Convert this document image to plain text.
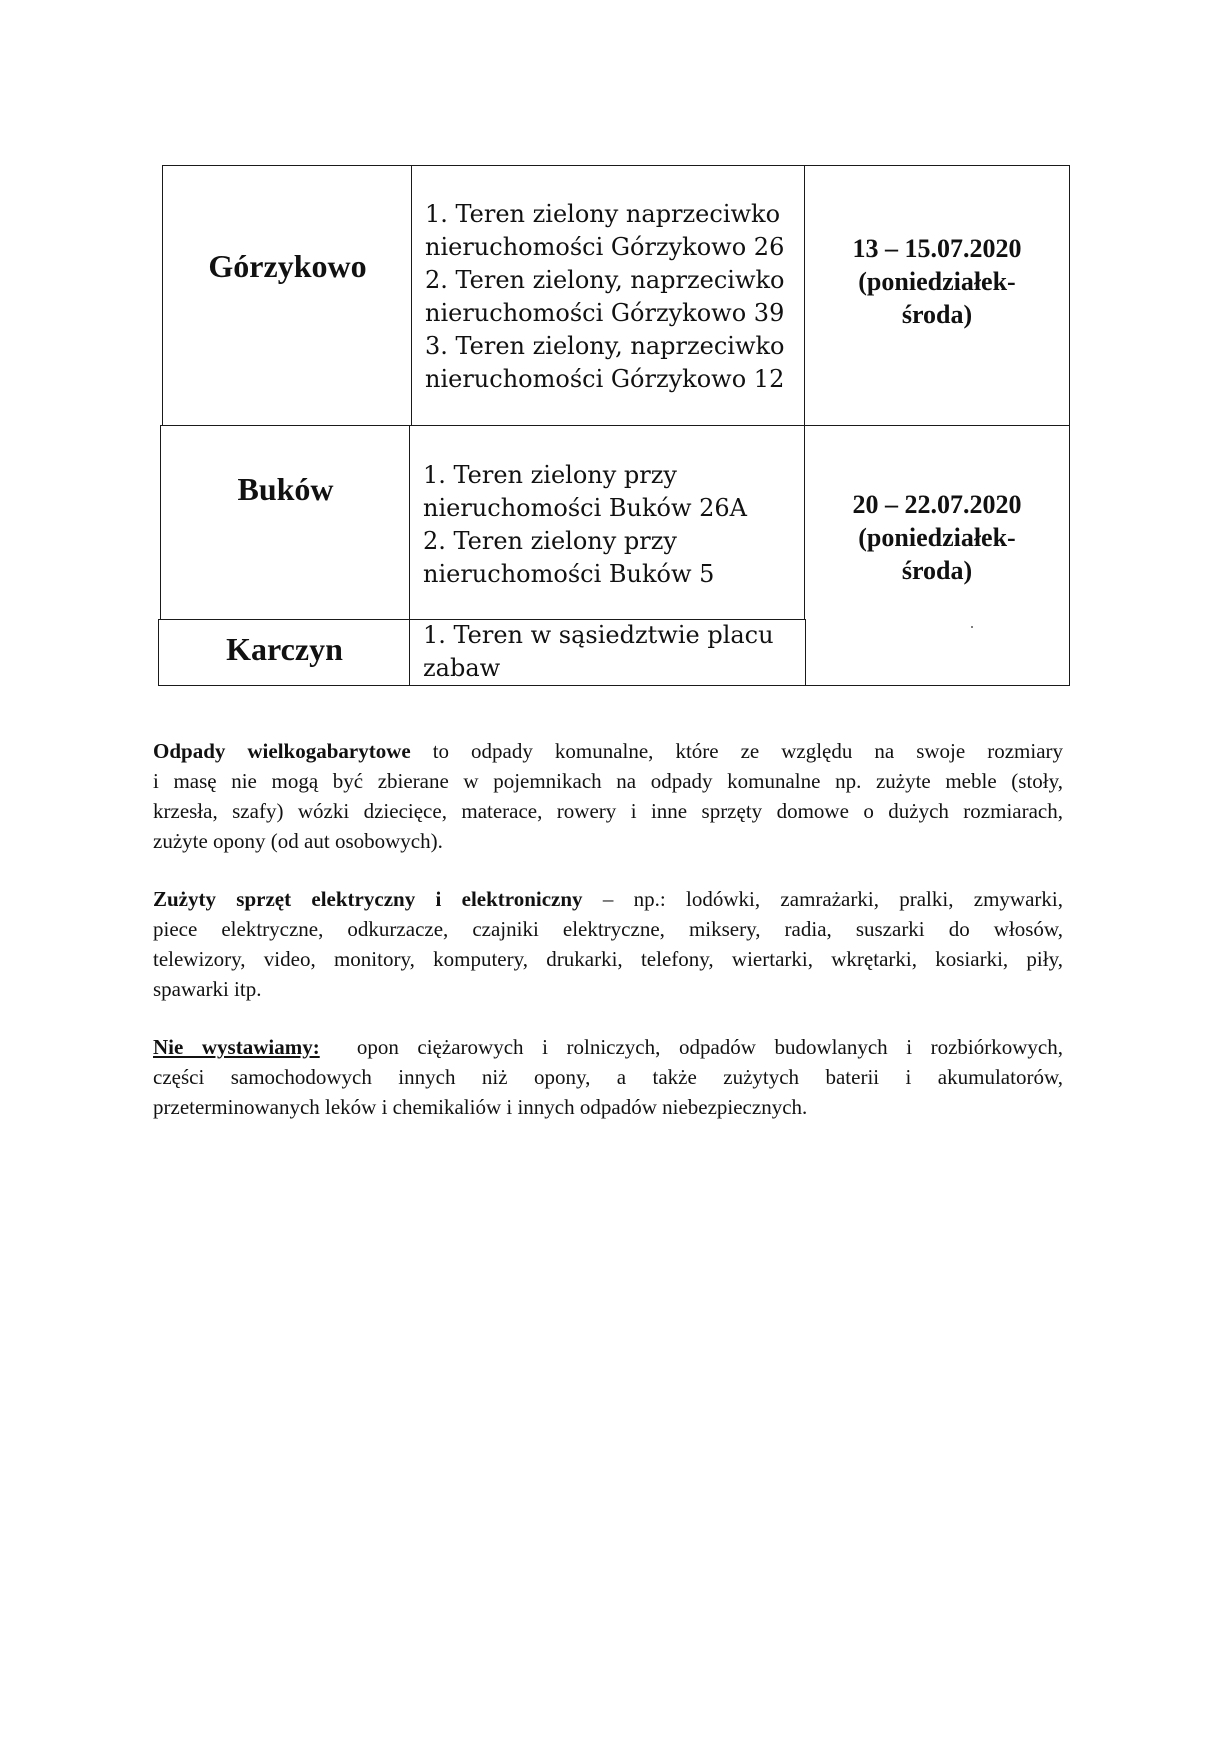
Górzykowo
1. Teren zielony naprzeciwko
nieruchomości Górzykowo 26
2. Teren zielony, naprzeciwko
nieruchomości Górzykowo 39
3. Teren zielony, naprzeciwko
nieruchomości Górzykowo 12
13 – 15.07.2020
(poniedziałek-
środa)
Buków	1. Teren zielony przy
nieruchomości Buków 26A
2. Teren zielony przy
nieruchomości Buków 5
20 – 22.07.2020
(poniedziałek-
środa)
Karczyn	1. Teren w sąsiedztwie placu
zabaw
Odpady wielkogabarytowe to odpady komunalne, które ze względu na swoje rozmiary
i masę nie mogą być zbierane w pojemnikach na odpady komunalne np. zużyte meble (stoły,
krzesła, szafy) wózki dziecięce, materace, rowery i inne sprzęty domowe o dużych rozmiarach,
zużyte opony (od aut osobowych).
Zużyty sprzęt elektryczny i elektroniczny – np.: lodówki, zamrażarki, pralki, zmywarki,
piece elektryczne, odkurzacze, czajniki elektryczne, miksery, radia, suszarki do włosów,
telewizory, video, monitory, komputery, drukarki, telefony, wiertarki, wkrętarki, kosiarki, piły,
spawarki itp.
Nie wystawiamy:  opon ciężarowych i rolniczych, odpadów budowlanych i rozbiórkowych,
części samochodowych innych niż opony, a także zużytych baterii i akumulatorów,
przeterminowanych leków i chemikaliów i innych odpadów niebezpiecznych.
